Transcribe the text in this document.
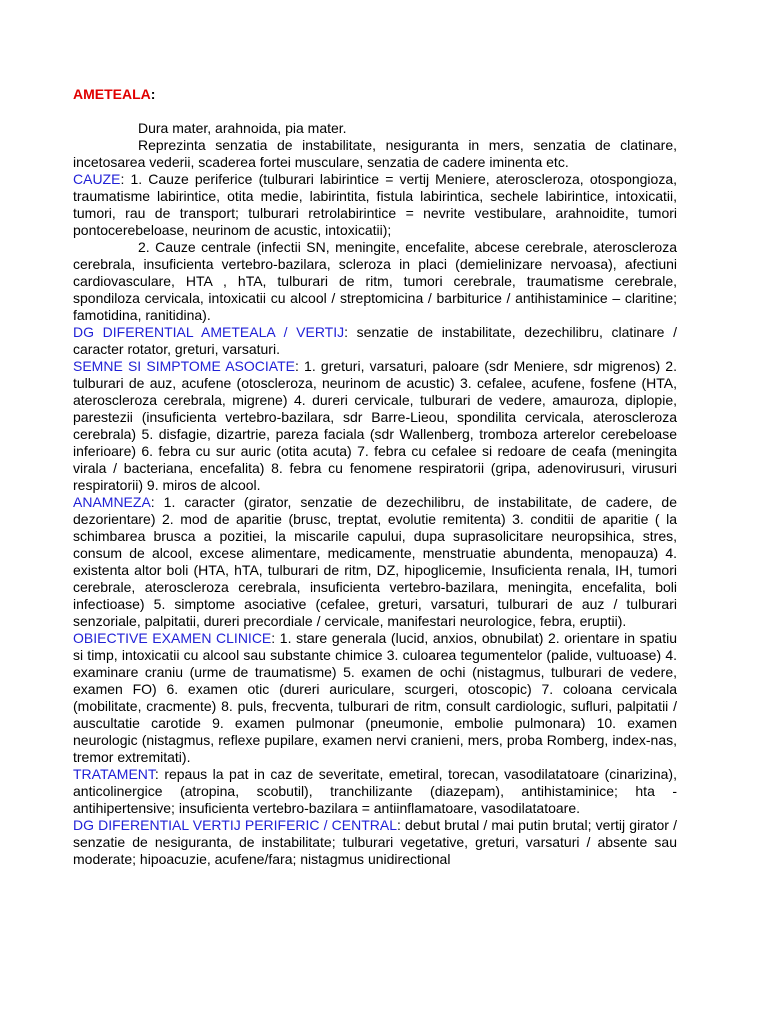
AMETEALA:

Dura mater, arahnoida, pia mater.

Reprezinta senzatia de instabilitate, nesiguranta in mers, senzatia de clatinare, incetosarea vederii, scaderea fortei musculare, senzatia de cadere iminenta etc.

CAUZE: 1. Cauze periferice (tulburari labirintice = vertij Meniere, ateroscleroza, otospongioza, traumatisme labirintice, otita medie, labirintita, fistula labirintica, sechele labirintice, intoxicatii, tumori, rau de transport; tulburari retrolabirintice = nevrite vestibulare, arahnoidite, tumori pontocerebeloase, neurinom de acustic, intoxicatii);

2. Cauze centrale (infectii SN, meningite, encefalite, abcese cerebrale, ateroscleroza cerebrala, insuficienta vertebro-bazilara, scleroza in placi (demielinizare nervoasa), afectiuni cardiovasculare, HTA , hTA, tulburari de ritm, tumori cerebrale, traumatisme cerebrale, spondiloza cervicala, intoxicatii cu alcool / streptomicina / barbiturice / antihistaminice – claritine; famotidina, ranitidina).

DG DIFERENTIAL AMETEALA / VERTIJ: senzatie de instabilitate, dezechilibru, clatinare / caracter rotator, greturi, varsaturi.

SEMNE SI SIMPTOME ASOCIATE: 1. greturi, varsaturi, paloare (sdr Meniere, sdr migrenos) 2. tulburari de auz, acufene (otoscleroza, neurinom de acustic) 3. cefalee, acufene, fosfene (HTA, ateroscleroza cerebrala, migrene) 4. dureri cervicale, tulburari de vedere, amauroza, diplopie, parestezii (insuficienta vertebro-bazilara, sdr Barre-Lieou, spondilita cervicala, ateroscleroza cerebrala) 5. disfagie, dizartrie, pareza faciala (sdr Wallenberg, tromboza arterelor cerebeloase inferioare) 6. febra cu sur auric (otita acuta) 7. febra cu cefalee si redoare de ceafa (meningita virala / bacteriana, encefalita) 8. febra cu fenomene respiratorii (gripa, adenovirusuri, virusuri respiratorii) 9. miros de alcool.

ANAMNEZA: 1. caracter (girator, senzatie de dezechilibru, de instabilitate, de cadere, de dezorientare) 2. mod de aparitie (brusc, treptat, evolutie remitenta) 3. conditii de aparitie ( la schimbarea brusca a pozitiei, la miscarile capului, dupa suprasolicitare neuropsihica, stres, consum de alcool, excese alimentare, medicamente, menstruatie abundenta, menopauza) 4. existenta altor boli (HTA, hTA, tulburari de ritm, DZ, hipoglicemie, Insuficienta renala, IH, tumori cerebrale, ateroscleroza cerebrala, insuficienta vertebro-bazilara, meningita, encefalita, boli infectioase) 5. simptome asociative (cefalee, greturi, varsaturi, tulburari de auz / tulburari senzoriale, palpitatii, dureri precordiale / cervicale, manifestari neurologice, febra, eruptii).

OBIECTIVE EXAMEN CLINICE: 1. stare generala (lucid, anxios, obnubilat) 2. orientare in spatiu si timp, intoxicatii cu alcool sau substante chimice 3. culoarea tegumentelor (palide, vultuoase) 4. examinare craniu (urme de traumatisme) 5. examen de ochi (nistagmus, tulburari de vedere, examen FO) 6. examen otic (dureri auriculare, scurgeri, otoscopic) 7. coloana cervicala (mobilitate, cracmente) 8. puls, frecventa, tulburari de ritm, consult cardiologic, sufluri, palpitatii / auscultatie carotide 9. examen pulmonar (pneumonie, embolie pulmonara) 10. examen neurologic (nistagmus, reflexe pupilare, examen nervi cranieni, mers, proba Romberg, index-nas, tremor extremitati).

TRATAMENT: repaus la pat in caz de severitate, emetiral, torecan, vasodilatatoare (cinarizina), anticolinergice (atropina, scobutil), tranchilizante (diazepam), antihistaminice; hta - antihipertensive; insuficienta vertebro-bazilara = antiinflamatoare, vasodilatatoare.

DG DIFERENTIAL VERTIJ PERIFERIC / CENTRAL: debut brutal / mai putin brutal; vertij girator / senzatie de nesiguranta, de instabilitate; tulburari vegetative, greturi, varsaturi / absente sau moderate; hipoacuzie, acufene/fara; nistagmus unidirectional
